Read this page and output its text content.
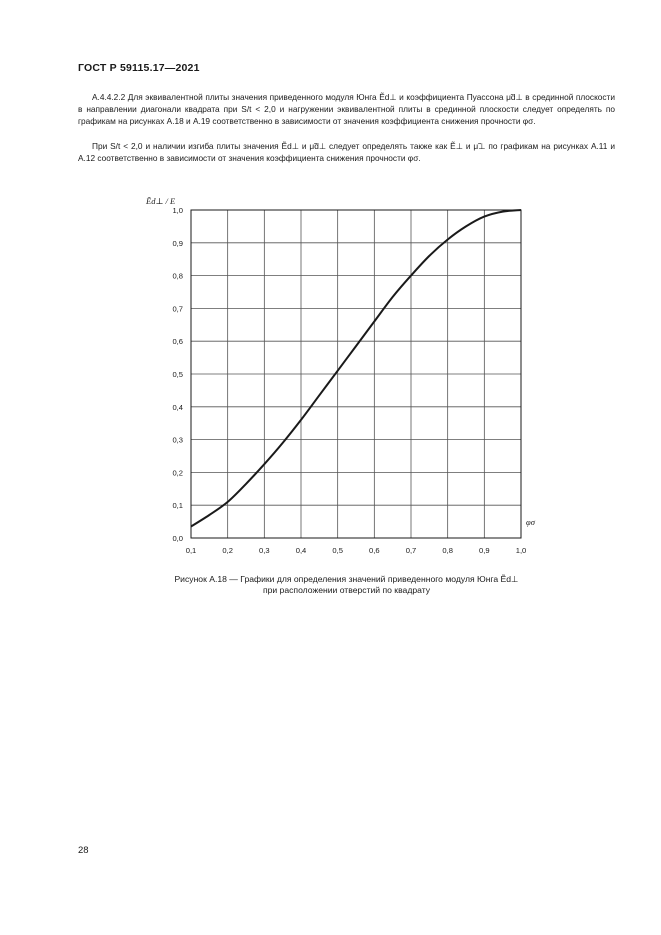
ГОСТ Р 59115.17—2021

А.4.4.2.2 Для эквивалентной плиты значения приведенного модуля Юнга Ẽd⊥ и коэффициента Пуассона μ̃d⊥ в срединной плоскости в направлении диагонали квадрата при S/t < 2,0 и нагружении эквивалентной плиты в срединной плоскости следует определять по графикам на рисунках А.18 и А.19 соответственно в зависимости от значения коэффициента снижения прочности φσ.

При S/t < 2,0 и наличии изгиба плиты значения Ẽd⊥ и μ̃d⊥ следует определять также как Ẽ⊥ и μ̃⊥ по графикам на рисунках А.11 и А.12 соответственно в зависимости от значения коэффициента снижения прочности φσ.

0,1	0,2	0,3	0,4	0,5	0,6	0,7	0,8	0,9	1,0
0,0
0,1
0,2
0,3
0,4
0,5
0,6
0,7
0,8
0,9
1,0
Ẽd⊥ / E
φσ
Рисунок А.18 — Графики для определения значений приведенного модуля Юнга Ẽd⊥
при расположении отверстий по квадрату
28
